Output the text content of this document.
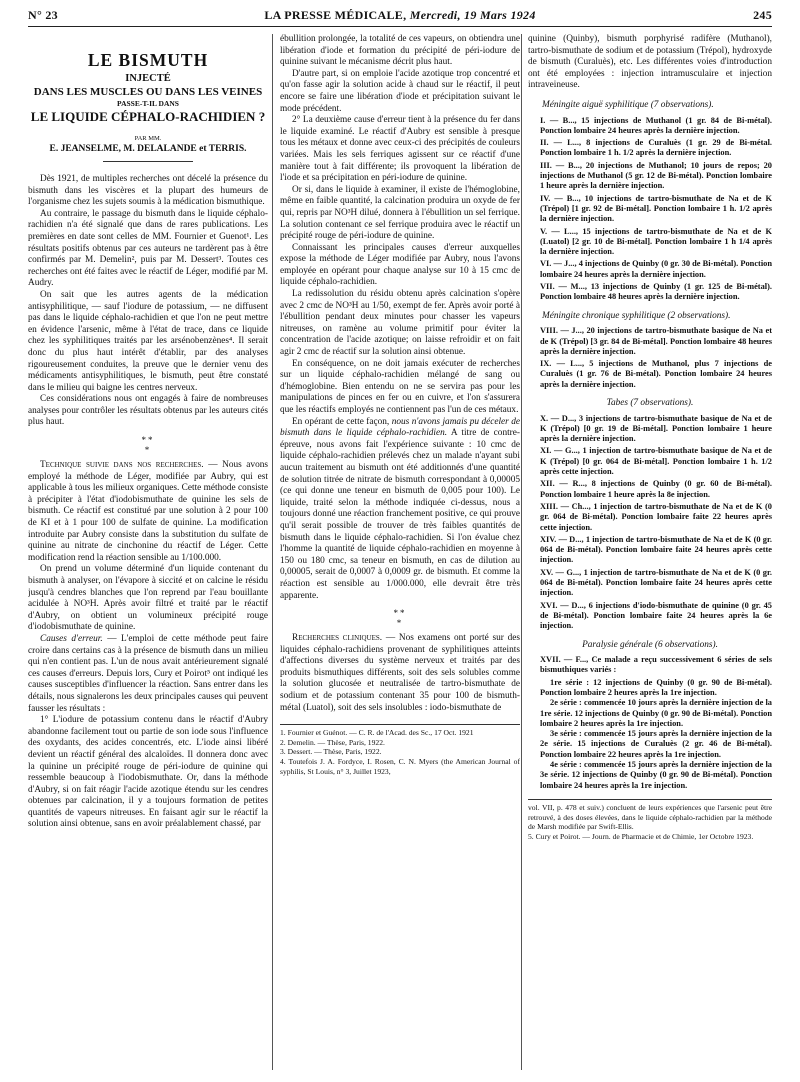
N° 23	LA PRESSE MÉDICALE, Mercredi, 19 Mars 1924	245

LE BISMUTH

INJECTÉ

DANS LES MUSCLES OU DANS LES VEINES

PASSE-T-IL DANS

LE LIQUIDE CÉPHALO-RACHIDIEN ?

PAR MM.

E. JEANSELME, M. DELALANDE et TERRIS.

Dès 1921, de multiples recherches ont décelé la présence du bismuth dans les viscères et la plupart des humeurs de l'organisme chez les sujets soumis à la médication bismuthique.

Au contraire, le passage du bismuth dans le liquide céphalo-rachidien n'a été signalé que dans de rares publications. Les premières en date sont celles de MM. Fournier et Guenot¹. Les résultats positifs obtenus par ces auteurs ne tardèrent pas à être confirmés par M. Demelin², puis par M. Dessert³. Toutes ces recherches ont été faites avec le réactif de Léger, modifié par M. Audry.

On sait que les autres agents de la médication antisyphilitique, — sauf l'iodure de potassium, — ne diffusent pas dans le liquide céphalo-rachidien et que l'on ne peut mettre en évidence l'arsenic, même à l'état de trace, dans ce liquide chez les syphilitiques traités par les arsénobenzènes⁴. Il serait donc du plus haut intérêt d'établir, par des analyses rigoureusement conduites, la preuve que le dernier venu des médicaments antisyphilitiques, le bismuth, peut être constaté dans le milieu qui baigne les centres nerveux.

Ces considérations nous ont engagés à faire de nombreuses analyses pour contrôler les résultats obtenus par les auteurs cités plus haut.

**
*

Technique suivie dans nos recherches. — Nous avons employé la méthode de Léger, modifiée par Aubry, qui est applicable à tous les milieux organiques. Cette méthode consiste à précipiter à l'état d'iodobismuthate de quinine les sels de bismuth. Ce réactif est constitué par une solution à 2 pour 100 de KI et à 1 pour 100 de sulfate de quinine. La modification introduite par Aubry consiste dans la substitution du sulfate de quinine au nitrate de cinchonine du réactif de Léger. Cette modification rend la réaction sensible au 1/100.000.

On prend un volume déterminé d'un liquide contenant du bismuth à analyser, on l'évapore à siccité et on calcine le résidu jusqu'à cendres blanches que l'on reprend par l'eau bouillante acidulée à NO³H. Après avoir filtré et traité par le réactif d'Aubry, on obtient un volumineux précipité rouge d'iodobismuthate de quinine.

Causes d'erreur. — L'emploi de cette méthode peut faire croire dans certains cas à la présence de bismuth dans un milieu qui n'en contient pas. L'un de nous avait antérieurement signalé ces causes d'erreurs. Depuis lors, Cury et Poirot⁵ ont indiqué les causes susceptibles d'influencer la réaction. Sans entrer dans les détails, nous signalerons les deux principales causes qui peuvent fausser les résultats :

1° L'iodure de potassium contenu dans le réactif d'Aubry abandonne facilement tout ou partie de son iode sous l'influence des oxydants, des acides concentrés, etc. L'iode ainsi libéré devient un réactif général des alcaloïdes. Il donnera donc avec la quinine un précipité rouge de péri-iodure de quinine qui ressemble beaucoup à l'iodobismuthate. Or, dans la méthode d'Aubry, si on fait réagir l'acide azotique étendu sur les cendres obtenues par calcination, il y a toujours formation de petites quantités de vapeurs nitreuses. En faisant agir sur le réactif la solution ainsi obtenue, sans en avoir préalablement chassé, par

ébullition prolongée, la totalité de ces vapeurs, on obtiendra une libération d'iode et formation du précipité de péri-iodure de quinine suivant le mécanisme décrit plus haut.

D'autre part, si on emploie l'acide azotique trop concentré et qu'on fasse agir la solution acide à chaud sur le réactif, il peut encore se faire une libération d'iode et précipitation suivant le mode précédent.

2° La deuxième cause d'erreur tient à la présence du fer dans le liquide examiné. Le réactif d'Aubry est sensible à presque tous les métaux et donne avec ceux-ci des précipités de couleurs variées. Mais les sels ferriques agissent sur ce réactif d'une manière tout à fait différente; ils provoquent la libération de l'iode et sa précipitation en péri-iodure de quinine.

Or si, dans le liquide à examiner, il existe de l'hémoglobine, même en faible quantité, la calcination produira un oxyde de fer qui, repris par NO³H dilué, donnera à l'ébullition un sel ferrique. La solution contenant ce sel ferrique produira avec le réactif un précipité rouge de péri-iodure de quinine.

Connaissant les principales causes d'erreur auxquelles expose la méthode de Léger modifiée par Aubry, nous l'avons employée en opérant pour chaque analyse sur 10 à 15 cmc de liquide céphalo-rachidien.

La redissolution du résidu obtenu après calcination s'opère avec 2 cmc de NO³H au 1/50, exempt de fer. Après avoir porté à l'ébullition pendant deux minutes pour chasser les vapeurs nitreuses, on ramène au volume primitif pour éviter la concentration de l'acide azotique; on laisse refroidir et on fait agir 2 cmc de réactif sur la solution ainsi obtenue.

En conséquence, on ne doit jamais exécuter de recherches sur un liquide céphalo-rachidien mélangé de sang ou d'hémoglobine. Bien entendu on ne se servira pas pour les manipulations de pinces en fer ou en cuivre, et l'on s'assurera que les réactifs employés ne contiennent pas l'un de ces métaux.

En opérant de cette façon, nous n'avons jamais pu déceler de bismuth dans le liquide céphalo-rachidien. A titre de contre-épreuve, nous avons fait l'expérience suivante : 10 cmc de liquide céphalo-rachidien prélevés chez un malade n'ayant subi aucun traitement au bismuth ont été additionnés d'une quantité de solution titrée de nitrate de bismuth correspondant à 0,00005 (ce qui donne une teneur en bismuth de 0,005 pour 100). Le liquide, traité selon la méthode indiquée ci-dessus, nous a toujours donné une réaction franchement positive, ce qui prouve qu'il serait possible de trouver de très faibles quantités de bismuth dans le liquide céphalo-rachidien. Si l'on évalue chez l'homme la quantité de liquide céphalo-rachidien en moyenne à 150 ou 180 cmc, sa teneur en bismuth, en cas de dilution au 0,00005, serait de 0,0007 à 0,0009 gr. de bismuth. Et comme la réaction est sensible au 1/000.000, elle devrait être très apparente.

**
*

Recherches cliniques. — Nos examens ont porté sur des liquides céphalo-rachidiens provenant de syphilitiques atteints d'affections diverses du système nerveux et traités par des produits bismuthiques différents, soit des sels solubles comme la solution glucosée et neutralisée de tartro-bismuthate de sodium et de potassium contenant 35 pour 100 de bismuth-métal (Luatol), soit des sels insolubles : iodo-bismuthate de

1. Fournier et Guénot. — C. R. de l'Acad. des Sc., 17 Oct. 1921

2. Demelin. — Thèse, Paris, 1922.

3. Dessert. — Thèse, Paris, 1922.

4. Toutefois J. A. Fordyce, I. Rosen, C. N. Myers (the American Journal of syphilis, St Louis, n° 3, Juillet 1923,

quinine (Quinby), bismuth porphyrisé radifère (Muthanol), tartro-bismuthate de sodium et de potassium (Trépol), hydroxyde de bismuth (Curaluès), etc. Les différentes voies d'introduction ont été employées : injection intramusculaire et injection intraveineuse.

Méningite aiguë syphilitique (7 observations).

I. — B..., 15 injections de Muthanol (1 gr. 84 de Bi-métal). Ponction lombaire 24 heures après la dernière injection.

II. — L..., 8 injections de Curaluès (1 gr. 29 de Bi-métal. Ponction lombaire 1 h. 1/2 après la dernière injection.

III. — B..., 20 injections de Muthanol; 10 jours de repos; 20 injections de Muthanol (5 gr. 12 de Bi-métal). Ponction lombaire 1 heure après la dernière injection.

IV. — B..., 10 injections de tartro-bismuthate de Na et de K (Trépol) [1 gr. 92 de Bi-métal]. Ponction lombaire 1 h. 1/2 après la dernière injection.

V. — L..., 15 injections de tartro-bismuthate de Na et de K (Luatol) [2 gr. 10 de Bi-métal]. Ponction lombaire 1 h 1/4 après la dernière injection.

VI. — J..., 4 injections de Quinby (0 gr. 30 de Bi-métal). Ponction lombaire 24 heures après la dernière injection.

VII. — M..., 13 injections de Quinby (1 gr. 125 de Bi-métal). Ponction lombaire 48 heures après la dernière injection.

Méningite chronique syphilitique (2 observations).

VIII. — J..., 20 injections de tartro-bismuthate basique de Na et de K (Trépol) [3 gr. 84 de Bi-métal]. Ponction lombaire 48 heures après la dernière injection.

IX. — L..., 5 injections de Muthanol, plus 7 injections de Curaluès (1 gr. 76 de Bi-métal). Ponction lombaire 24 heures après la dernière injection.

Tabes (7 observations).

X. — D..., 3 injections de tartro-bismuthate basique de Na et de K (Trépol) [0 gr. 19 de Bi-métal]. Ponction lombaire 1 heure après la dernière injection.

XI. — G..., 1 injection de tartro-bismuthate basique de Na et de K (Trépol) [0 gr. 064 de Bi-métal]. Ponction lombaire 1 h. 1/2 après cette injection.

XII. — R..., 8 injections de Quinby (0 gr. 60 de Bi-métal). Ponction lombaire 1 heure après la 8e injection.

XIII. — Ch..., 1 injection de tartro-bismuthate de Na et de K (0 gr. 064 de Bi-métal). Ponction lombaire faite 22 heures après cette injection.

XIV. — D..., 1 injection de tartro-bismuthate de Na et de K (0 gr. 064 de Bi-métal). Ponction lombaire faite 24 heures après cette injection.

XV. — G..., 1 injection de tartro-bismuthate de Na et de K (0 gr. 064 de Bi-métal). Ponction lombaire faite 24 heures après cette injection.

XVI. — D..., 6 injections d'iodo-bismuthate de quinine (0 gr. 45 de Bi-métal). Ponction lombaire faite 24 heures après la 6e injection.

Paralysie générale (6 observations).

XVII. — F..., Ce malade a reçu successivement 6 séries de sels bismuthiques variés :

1re série : 12 injections de Quinby (0 gr. 90 de Bi-métal). Ponction lombaire 2 heures après la 1re injection.

2e série : commencée 10 jours après la dernière injection de la 1re série. 12 injections de Quinby (0 gr. 90 de Bi-métal). Ponction lombaire 2 heures après la 1re injection.

3e série : commencée 15 jours après la dernière injection de la 2e série. 15 injections de Curaluès (2 gr. 46 de Bi-métal). Ponction lombaire 22 heures après la 1re injection.

4e série : commencée 15 jours après la dernière injection de la 3e série. 12 injections de Quinby (0 gr. 90 de Bi-métal). Ponction lombaire 24 heures après la 1re injection.

vol. VII, p. 478 et suiv.) concluent de leurs expériences que l'arsenic peut être retrouvé, à des doses élevées, dans le liquide céphalo-rachidien par la méthode de Marsh modifiée par Swift-Ellis.

5. Cury et Poirot. — Journ. de Pharmacie et de Chimie, 1er Octobre 1923.
